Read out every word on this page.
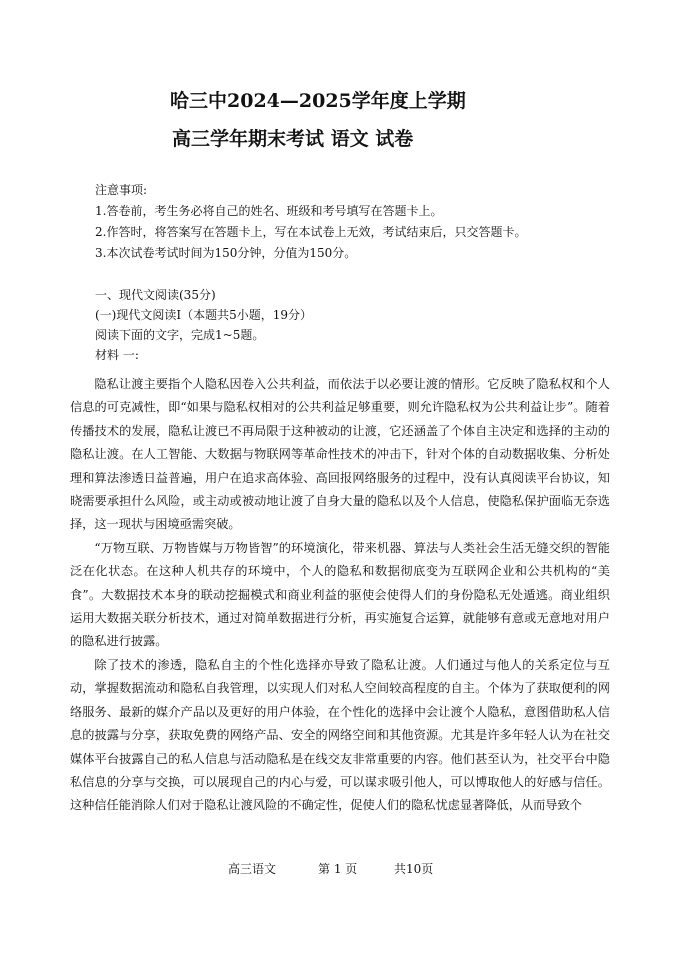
哈三中2024—2025学年度上学期
高三学年期末考试 语文 试卷
注意事项:
1.答卷前，考生务必将自己的姓名、班级和考号填写在答题卡上。
2.作答时，将答案写在答题卡上，写在本试卷上无效，考试结束后，只交答题卡。
3.本次试卷考试时间为150分钟，分值为150分。
一、现代文阅读(35分)
(一)现代文阅读Ⅰ（本题共5小题，19分）
阅读下面的文字，完成1~5题。
材料 一:

隐私让渡主要指个人隐私因卷入公共利益，而依法于以必要让渡的情形。它反映了隐私权和个人信息的可克减性，即“如果与隐私权相对的公共利益足够重要，则允许隐私权为公共利益让步”。随着传播技术的发展，隐私让渡已不再局限于这种被动的让渡，它还涵盖了个体自主决定和选择的主动的隐私让渡。在人工智能、大数据与物联网等革命性技术的冲击下，针对个体的自动数据收集、分析处理和算法渗透日益普遍，用户在追求高体验、高回报网络服务的过程中，没有认真阅读平台协议，知晓需要承担什么风险，或主动或被动地让渡了自身大量的隐私以及个人信息，使隐私保护面临无奈选择，这一现状与困境亟需突破。

“万物互联、万物皆媒与万物皆智”的环境演化，带来机器、算法与人类社会生活无缝交织的智能泛在化状态。在这种人机共存的环境中，个人的隐私和数据彻底变为互联网企业和公共机构的“美食”。大数据技术本身的联动挖掘模式和商业利益的驱使会使得人们的身份隐私无处遁逃。商业组织运用大数据关联分析技术，通过对简单数据进行分析，再实施复合运算，就能够有意或无意地对用户的隐私进行披露。

除了技术的渗透，隐私自主的个性化选择亦导致了隐私让渡。人们通过与他人的关系定位与互动，掌握数据流动和隐私自我管理，以实现人们对私人空间较高程度的自主。个体为了获取便利的网络服务、最新的媒介产品以及更好的用户体验，在个性化的选择中会让渡个人隐私，意图借助私人信息的披露与分享，获取免费的网络产品、安全的网络空间和其他资源。尤其是许多年轻人认为在社交媒体平台披露自己的私人信息与活动隐私是在线交友非常重要的内容。他们甚至认为，社交平台中隐私信息的分享与交换，可以展现自己的内心与爱，可以谋求吸引他人，可以博取他人的好感与信任。这种信任能消除人们对于隐私让渡风险的不确定性，促使人们的隐私忧虑显著降低，从而导致个

高三语文	第 1 页	共10页
